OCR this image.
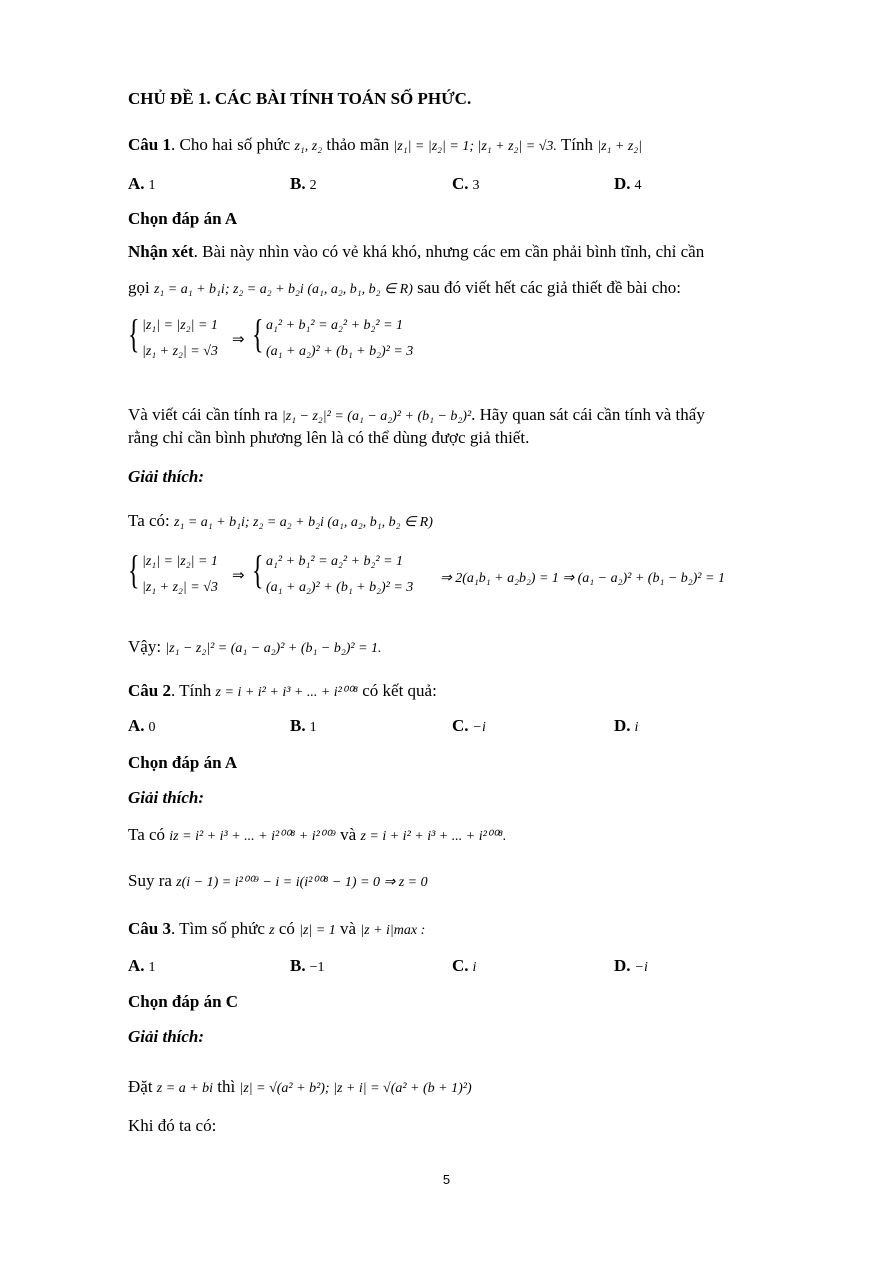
CHỦ ĐỀ 1. CÁC BÀI TÍNH TOÁN SỐ PHỨC.
Câu 1. Cho hai số phức z₁, z₂ thảo mãn |z₁| = |z₂| = 1; |z₁ + z₂| = √3. Tính |z₁ + z₂|
A. 1	B. 2	C. 3	D. 4
Chọn đáp án A
Nhận xét. Bài này nhìn vào có vẻ khá khó, nhưng các em cần phải bình tĩnh, chỉ cần
gọi z₁ = a₁ + b₁i; z₂ = a₂ + b₂i (a₁, a₂, b₁, b₂ ∈ R) sau đó viết hết các giả thiết đề bài cho:
{ |z₁| = |z₂| = 1
|z₁ + z₂| = √3
⇒ { a₁² + b₁² = a₂² + b₂² = 1
(a₁ + a₂)² + (b₁ + b₂)² = 3
Và viết cái cần tính ra |z₁ − z₂|² = (a₁ − a₂)² + (b₁ − b₂)². Hãy quan sát cái cần tính và thấy
rằng chỉ cần bình phương lên là có thể dùng được giả thiết.
Giải thích:
Ta có: z₁ = a₁ + b₁i; z₂ = a₂ + b₂i (a₁, a₂, b₁, b₂ ∈ R)
{ |z₁| = |z₂| = 1
|z₁ + z₂| = √3
⇒ { a₁² + b₁² = a₂² + b₂² = 1
(a₁ + a₂)² + (b₁ + b₂)² = 3
⇒ 2(a₁b₁ + a₂b₂) = 1 ⇒ (a₁ − a₂)² + (b₁ − b₂)² = 1
Vậy: |z₁ − z₂|² = (a₁ − a₂)² + (b₁ − b₂)² = 1.
Câu 2. Tính z = i + i² + i³ + ... + i²⁰⁰⁸ có kết quả:
A. 0	B. 1	C. −i	D. i
Chọn đáp án A
Giải thích:
Ta có iz = i² + i³ + ... + i²⁰⁰⁸ + i²⁰⁰⁹ và z = i + i² + i³ + ... + i²⁰⁰⁸.
Suy ra z(i − 1) = i²⁰⁰⁹ − i = i(i²⁰⁰⁸ − 1) = 0 ⇒ z = 0
Câu 3. Tìm số phức z có |z| = 1 và |z + i|max :
A. 1	B. −1	C. i	D. −i
Chọn đáp án C
Giải thích:
Đặt z = a + bi thì |z| = √(a² + b²); |z + i| = √(a² + (b + 1)²)
Khi đó ta có:
5
